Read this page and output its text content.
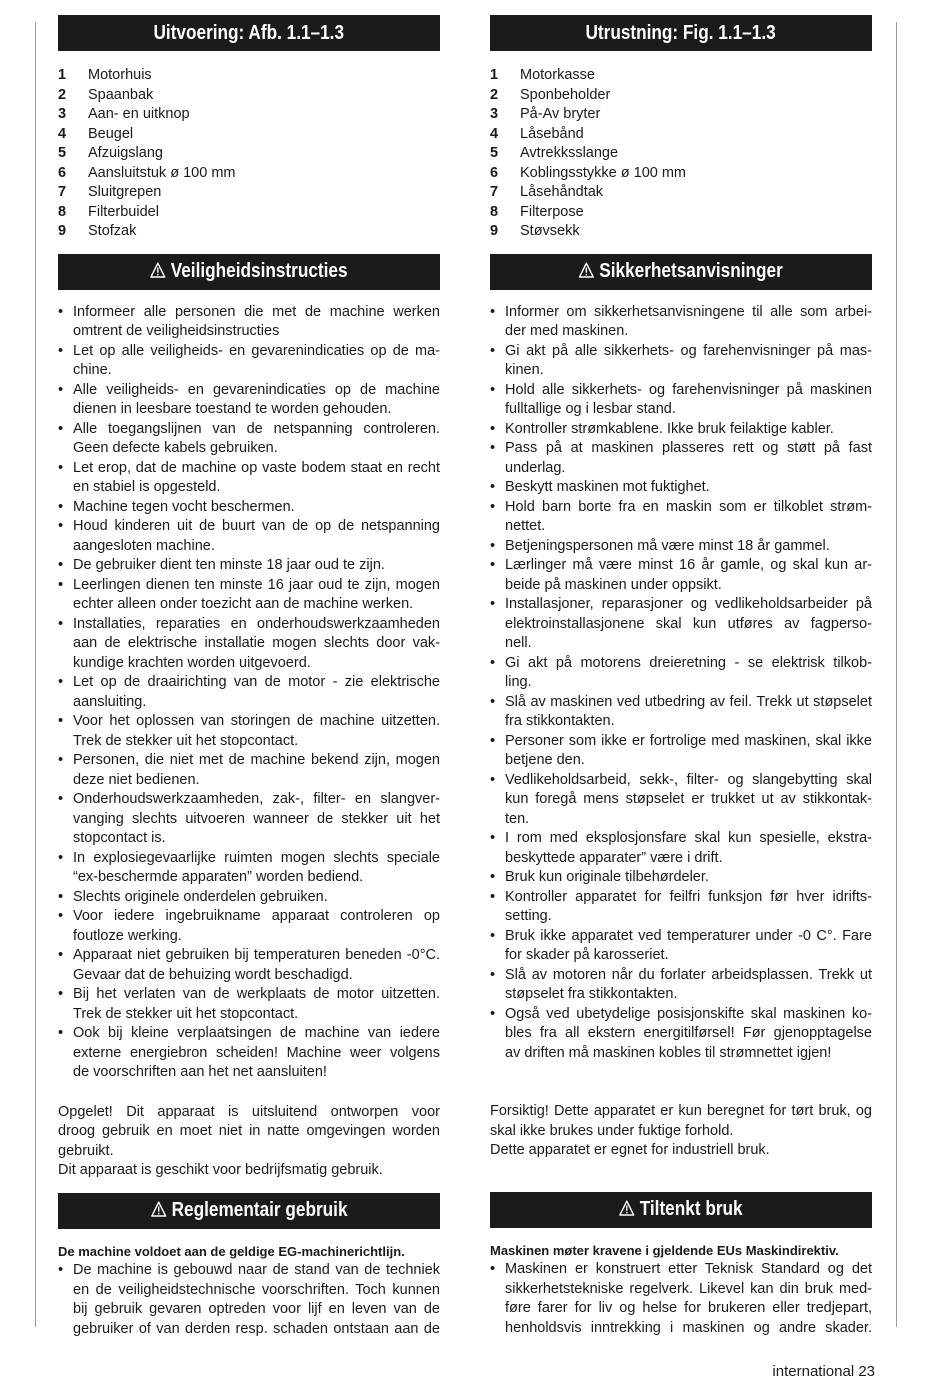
Uitvoering: Afb. 1.1–1.3
1	Motorhuis
2	Spaanbak
3	Aan- en uitknop
4	Beugel
5	Afzuigslang
6	Aansluitstuk ø 100 mm
7	Sluitgrepen
8	Filterbuidel
9	Stofzak
Veiligheidsinstructies
• Informeer alle personen die met de machine werken
omtrent de veiligheidsinstructies
• Let op alle veiligheids- en gevarenindicaties op de ma-
chine.
• Alle veiligheids- en gevarenindicaties op de machine
dienen in leesbare toestand te worden gehouden.
• Alle toegangslijnen van de netspanning controleren.
Geen defecte kabels gebruiken.
• Let erop, dat de machine op vaste bodem staat en recht
en stabiel is opgesteld.
• Machine tegen vocht beschermen.
• Houd kinderen uit de buurt van de op de netspanning
aangesloten machine.
• De gebruiker dient ten minste 18 jaar oud te zijn.
• Leerlingen dienen ten minste 16 jaar oud te zijn, mogen
echter alleen onder toezicht aan de machine werken.
• Installaties, reparaties en onderhoudswerkzaamheden
aan de elektrische installatie mogen slechts door vak-
kundige krachten worden uitgevoerd.
• Let op de draairichting van de motor - zie elektrische
aansluiting.
• Voor het oplossen van storingen de machine uitzetten.
Trek de stekker uit het stopcontact.
• Personen, die niet met de machine bekend zijn, mogen
deze niet bedienen.
• Onderhoudswerkzaamheden, zak-, filter- en slangver-
vanging slechts uitvoeren wanneer de stekker uit het
stopcontact is.
• In explosiegevaarlijke ruimten mogen slechts speciale
“ex-beschermde apparaten” worden bediend.
• Slechts originele onderdelen gebruiken.
• Voor iedere ingebruikname apparaat controleren op
foutloze werking.
• Apparaat niet gebruiken bij temperaturen beneden -0°C.
Gevaar dat de behuizing wordt beschadigd.
• Bij het verlaten van de werkplaats de motor uitzetten.
Trek de stekker uit het stopcontact.
• Ook bij kleine verplaatsingen de machine van iedere
externe energiebron scheiden! Machine weer volgens
de voorschriften aan het net aansluiten!
Opgelet! Dit apparaat is uitsluitend ontworpen voor
droog gebruik en moet niet in natte omgevingen worden
gebruikt.
Dit apparaat is geschikt voor bedrijfsmatig gebruik.
Reglementair gebruik
De machine voldoet aan de geldige EG-machinerichtlijn.
• De machine is gebouwd naar de stand van de techniek
en de veiligheidstechnische voorschriften. Toch kunnen
bij gebruik gevaren optreden voor lijf en leven van de
gebruiker of van derden resp. schaden ontstaan aan de
Utrustning: Fig. 1.1–1.3
1	Motorkasse
2	Sponbeholder
3	På-Av bryter
4	Låsebånd
5	Avtrekksslange
6	Koblingsstykke ø 100 mm
7	Låsehåndtak
8	Filterpose
9	Støvsekk
Sikkerhetsanvisninger
• Informer om sikkerhetsanvisningene til alle som arbei-
der med maskinen.
• Gi akt på alle sikkerhets- og farehenvisninger på mas-
kinen.
• Hold alle sikkerhets- og farehenvisninger på maskinen
fulltallige og i lesbar stand.
• Kontroller strømkablene. Ikke bruk feilaktige kabler.
• Pass på at maskinen plasseres rett og støtt på fast
underlag.
• Beskytt maskinen mot fuktighet.
• Hold barn borte fra en maskin som er tilkoblet strøm-
nettet.
• Betjeningspersonen må være minst 18 år gammel.
• Lærlinger må være minst 16 år gamle, og skal kun ar-
beide på maskinen under oppsikt.
• Installasjoner, reparasjoner og vedlikeholdsarbeider på
elektroinstallasjonene skal kun utføres av fagperso-
nell.
• Gi akt på motorens dreieretning - se elektrisk tilkob-
ling.
• Slå av maskinen ved utbedring av feil. Trekk ut støpselet
fra stikkontakten.
• Personer som ikke er fortrolige med maskinen, skal ikke
betjene den.
• Vedlikeholdsarbeid, sekk-, filter- og slangebytting skal
kun foregå mens støpselet er trukket ut av stikkontak-
ten.
• I rom med eksplosjonsfare skal kun spesielle, ekstra-
beskyttede apparater” være i drift.
• Bruk kun originale tilbehørdeler.
• Kontroller apparatet for feilfri funksjon før hver idrifts-
setting.
• Bruk ikke apparatet ved temperaturer under -0 C°. Fare
for skader på karosseriet.
• Slå av motoren når du forlater arbeidsplassen. Trekk ut
støpselet fra stikkontakten.
• Også ved ubetydelige posisjonskifte skal maskinen ko-
bles fra all ekstern energitilførsel! Før gjenopptagelse
av driften må maskinen kobles til strømnettet igjen!
Forsiktig! Dette apparatet er kun beregnet for tørt bruk, og
skal ikke brukes under fuktige forhold.
Dette apparatet er egnet for industriell bruk.
Tiltenkt bruk
Maskinen møter kravene i gjeldende EUs Maskindirektiv.
• Maskinen er konstruert etter Teknisk Standard og det
sikkerhetstekniske regelverk. Likevel kan din bruk med-
føre farer for liv og helse for brukeren eller tredjepart,
henholdsvis inntrekking i maskinen og andre skader.
international 23
